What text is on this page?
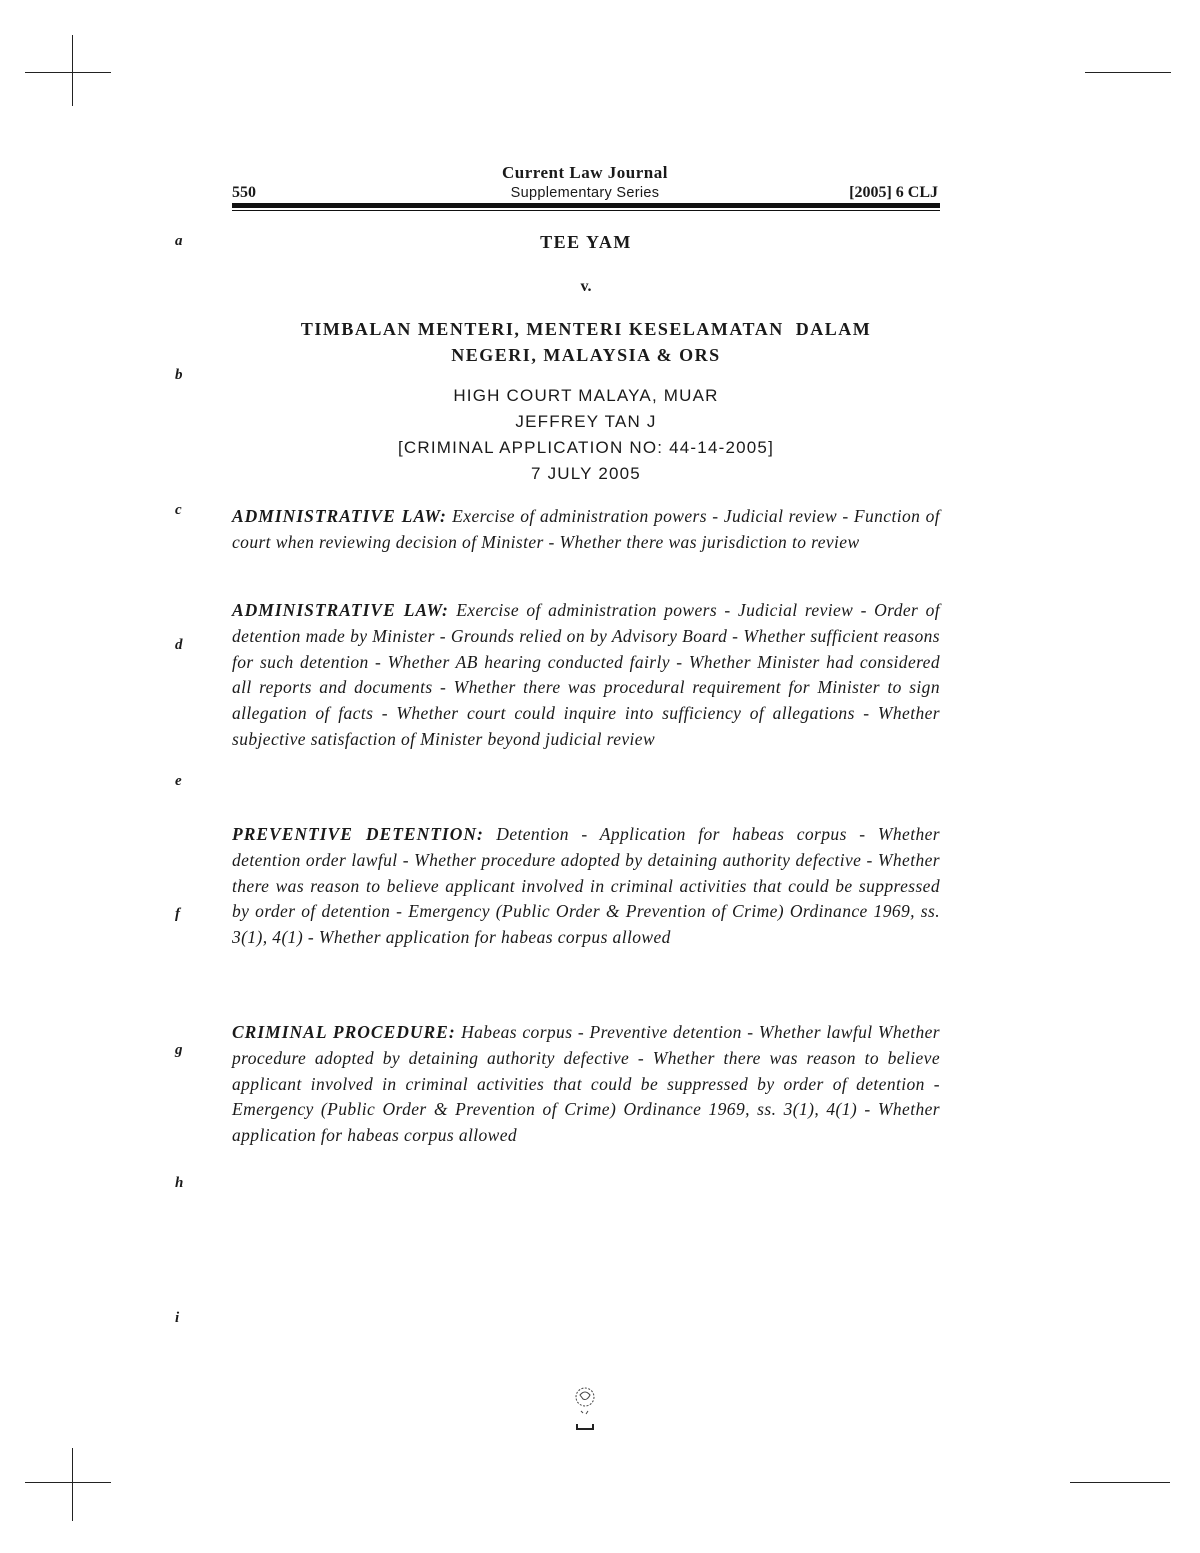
Current Law Journal
550	Supplementary Series	[2005] 6 CLJ
a
b
c
d
e
f
g
h
i
TEE YAM
v.
TIMBALAN MENTERI, MENTERI KESELAMATAN  DALAM
NEGERI, MALAYSIA & ORS
HIGH COURT MALAYA, MUAR
JEFFREY TAN J
[CRIMINAL APPLICATION NO: 44-14-2005]
7 JULY 2005
ADMINISTRATIVE LAW: Exercise of administration powers - Judicial review - Function of court when reviewing decision of Minister - Whether there was jurisdiction to review
ADMINISTRATIVE LAW: Exercise of administration powers - Judicial review - Order of detention made by Minister - Grounds relied on by Advisory Board - Whether sufficient reasons for such detention - Whether AB hearing conducted fairly - Whether Minister had considered all reports and documents - Whether there was procedural requirement for Minister to sign allegation of facts - Whether court could inquire into sufficiency of allegations - Whether subjective satisfaction of Minister beyond judicial review
PREVENTIVE DETENTION: Detention - Application for habeas corpus - Whether detention order lawful - Whether procedure adopted by detaining authority defective - Whether there was reason to believe applicant involved in criminal activities that could be suppressed by order of detention - Emergency (Public Order & Prevention of Crime) Ordinance 1969, ss. 3(1), 4(1) - Whether application for habeas corpus allowed
CRIMINAL PROCEDURE: Habeas corpus - Preventive detention - Whether lawful Whether procedure adopted by detaining authority defective - Whether there was reason to believe applicant involved in criminal activities that could be suppressed by order of detention - Emergency (Public Order & Prevention of Crime) Ordinance 1969, ss. 3(1), 4(1) - Whether application for habeas corpus allowed
